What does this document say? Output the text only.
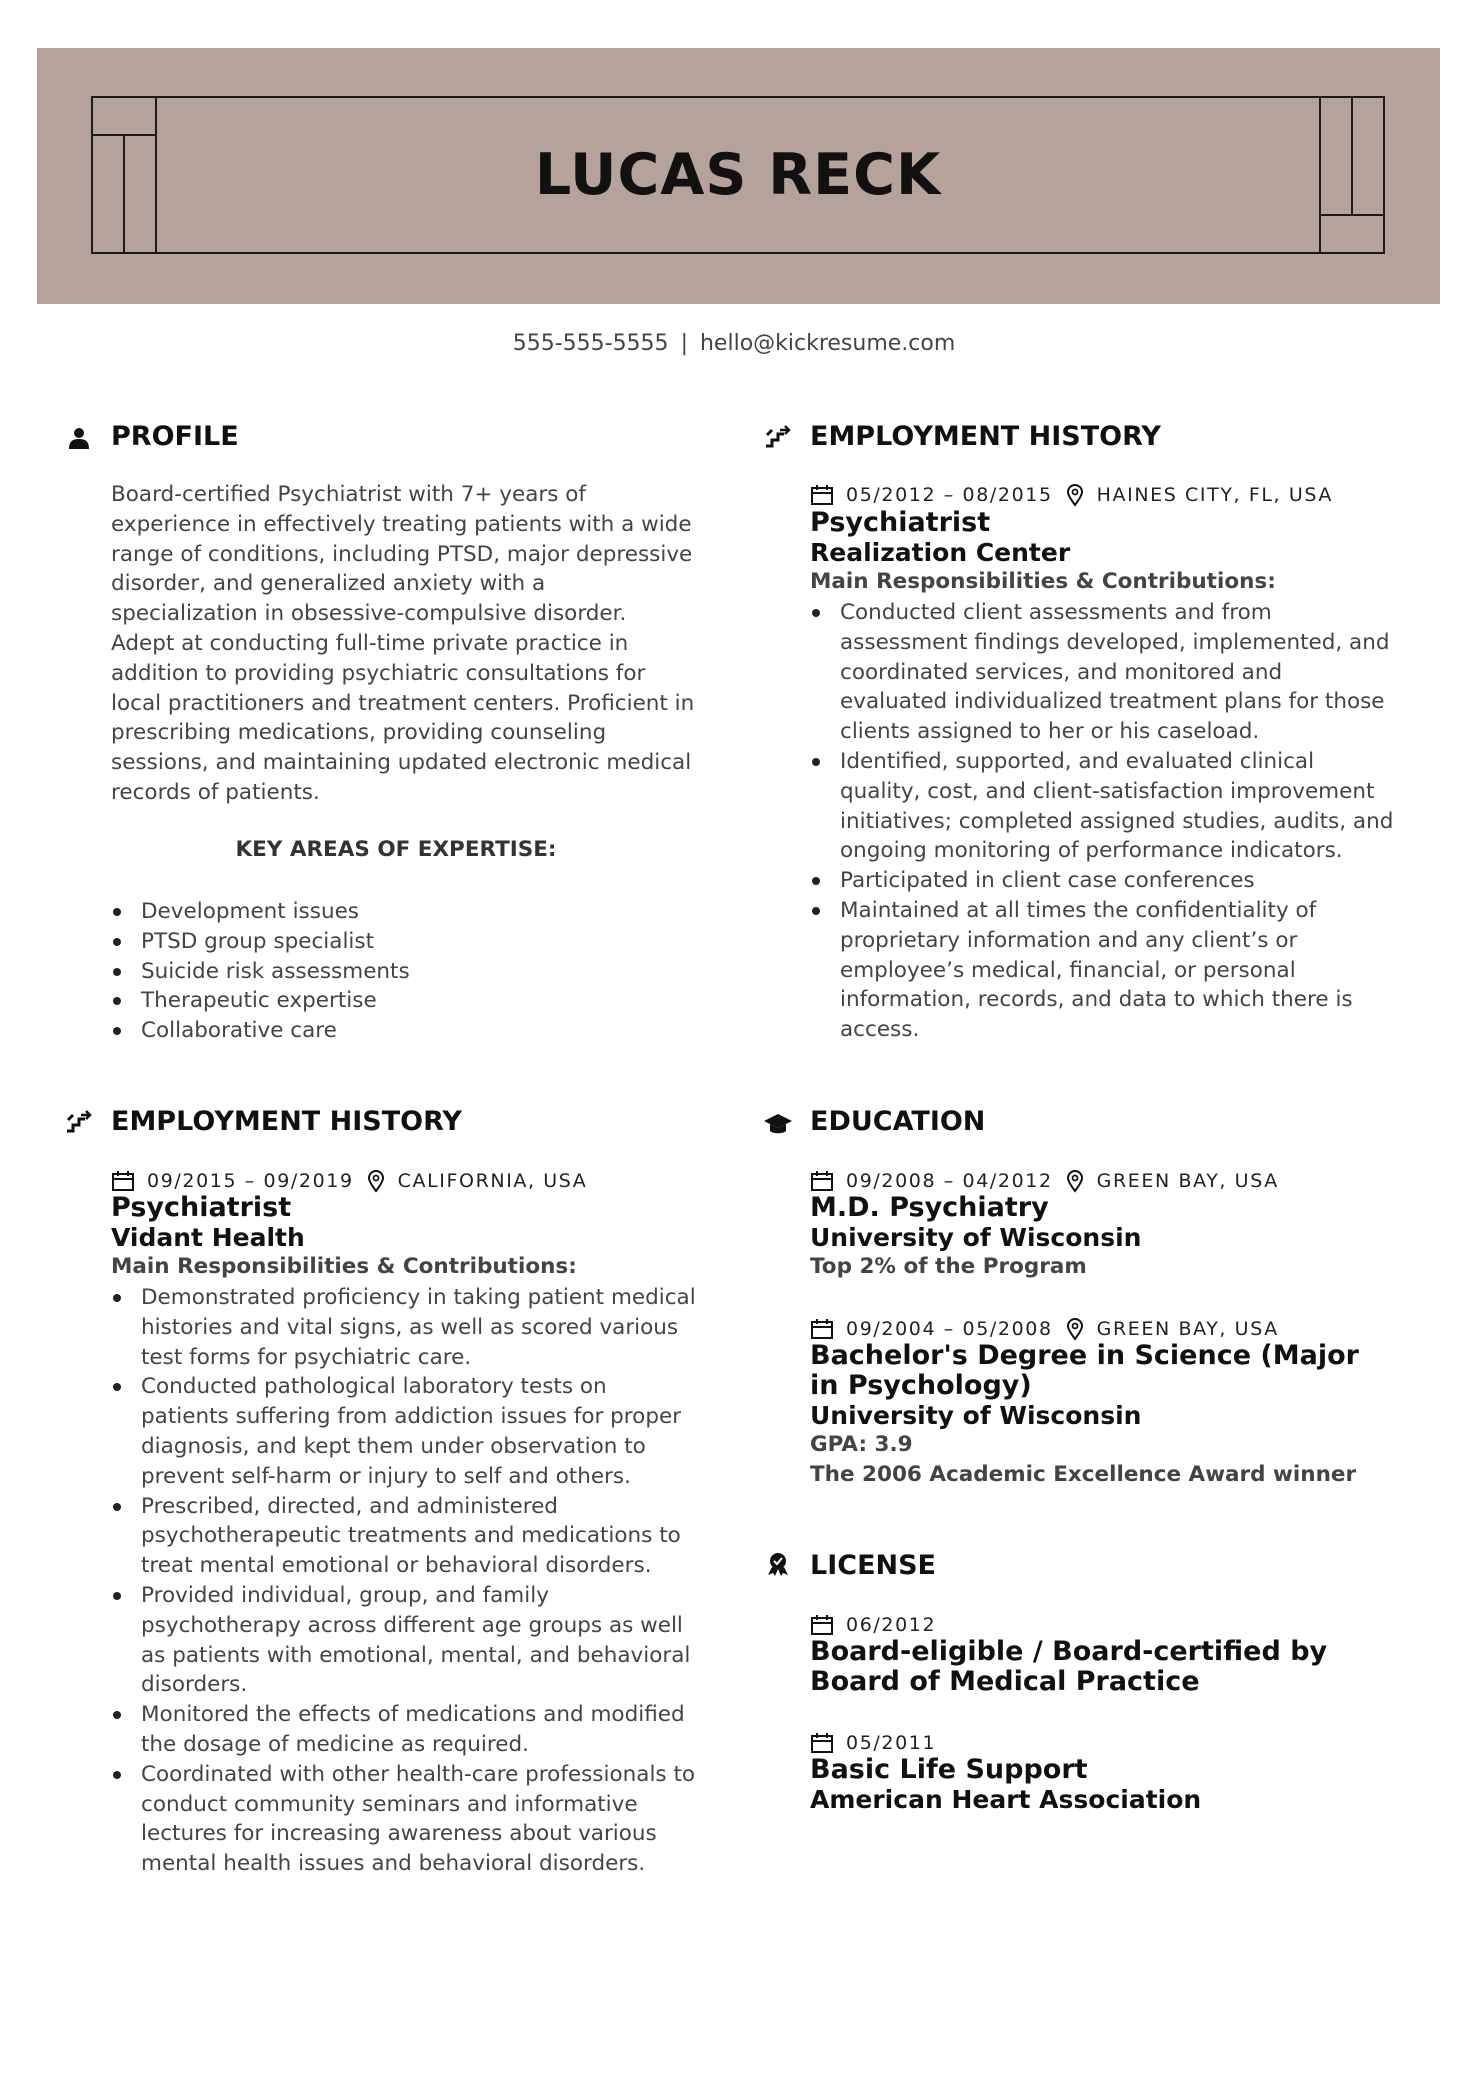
LUCAS RECK
555-555-5555 | hello@kickresume.com
PROFILE

Board-certified Psychiatrist with 7+ years of experience in effectively treating patients with a wide range of conditions, including PTSD, major depressive disorder, and generalized anxiety with a specialization in obsessive-compulsive disorder. Adept at conducting full-time private practice in addition to providing psychiatric consultations for local practitioners and treatment centers. Proficient in prescribing medications, providing counseling sessions, and maintaining updated electronic medical records of patients.

KEY AREAS OF EXPERTISE:
Development issues
PTSD group specialist
Suicide risk assessments
Therapeutic expertise
Collaborative care
EMPLOYMENT HISTORY
09/2015 – 09/2019 CALIFORNIA, USA
Psychiatrist
Vidant Health
Main Responsibilities & Contributions:
Demonstrated proficiency in taking patient medical histories and vital signs, as well as scored various test forms for psychiatric care.
Conducted pathological laboratory tests on patients suffering from addiction issues for proper diagnosis, and kept them under observation to prevent self-harm or injury to self and others.
Prescribed, directed, and administered psychotherapeutic treatments and medications to treat mental emotional or behavioral disorders.
Provided individual, group, and family psychotherapy across different age groups as well as patients with emotional, mental, and behavioral disorders.
Monitored the effects of medications and modified the dosage of medicine as required.
Coordinated with other health-care professionals to conduct community seminars and informative lectures for increasing awareness about various mental health issues and behavioral disorders.
EMPLOYMENT HISTORY
05/2012 – 08/2015 HAINES CITY, FL, USA
Psychiatrist
Realization Center
Main Responsibilities & Contributions:
Conducted client assessments and from assessment findings developed, implemented, and coordinated services, and monitored and evaluated individualized treatment plans for those clients assigned to her or his caseload.
Identified, supported, and evaluated clinical quality, cost, and client-satisfaction improvement initiatives; completed assigned studies, audits, and ongoing monitoring of performance indicators.
Participated in client case conferences
Maintained at all times the confidentiality of proprietary information and any client’s or employee’s medical, financial, or personal information, records, and data to which there is access.
EDUCATION
09/2008 – 04/2012 GREEN BAY, USA
M.D. Psychiatry
University of Wisconsin
Top 2% of the Program
09/2004 – 05/2008 GREEN BAY, USA
Bachelor's Degree in Science (Major in Psychology)
University of Wisconsin
GPA: 3.9
The 2006 Academic Excellence Award winner
LICENSE
06/2012
Board-eligible / Board-certified by Board of Medical Practice
05/2011
Basic Life Support
American Heart Association
